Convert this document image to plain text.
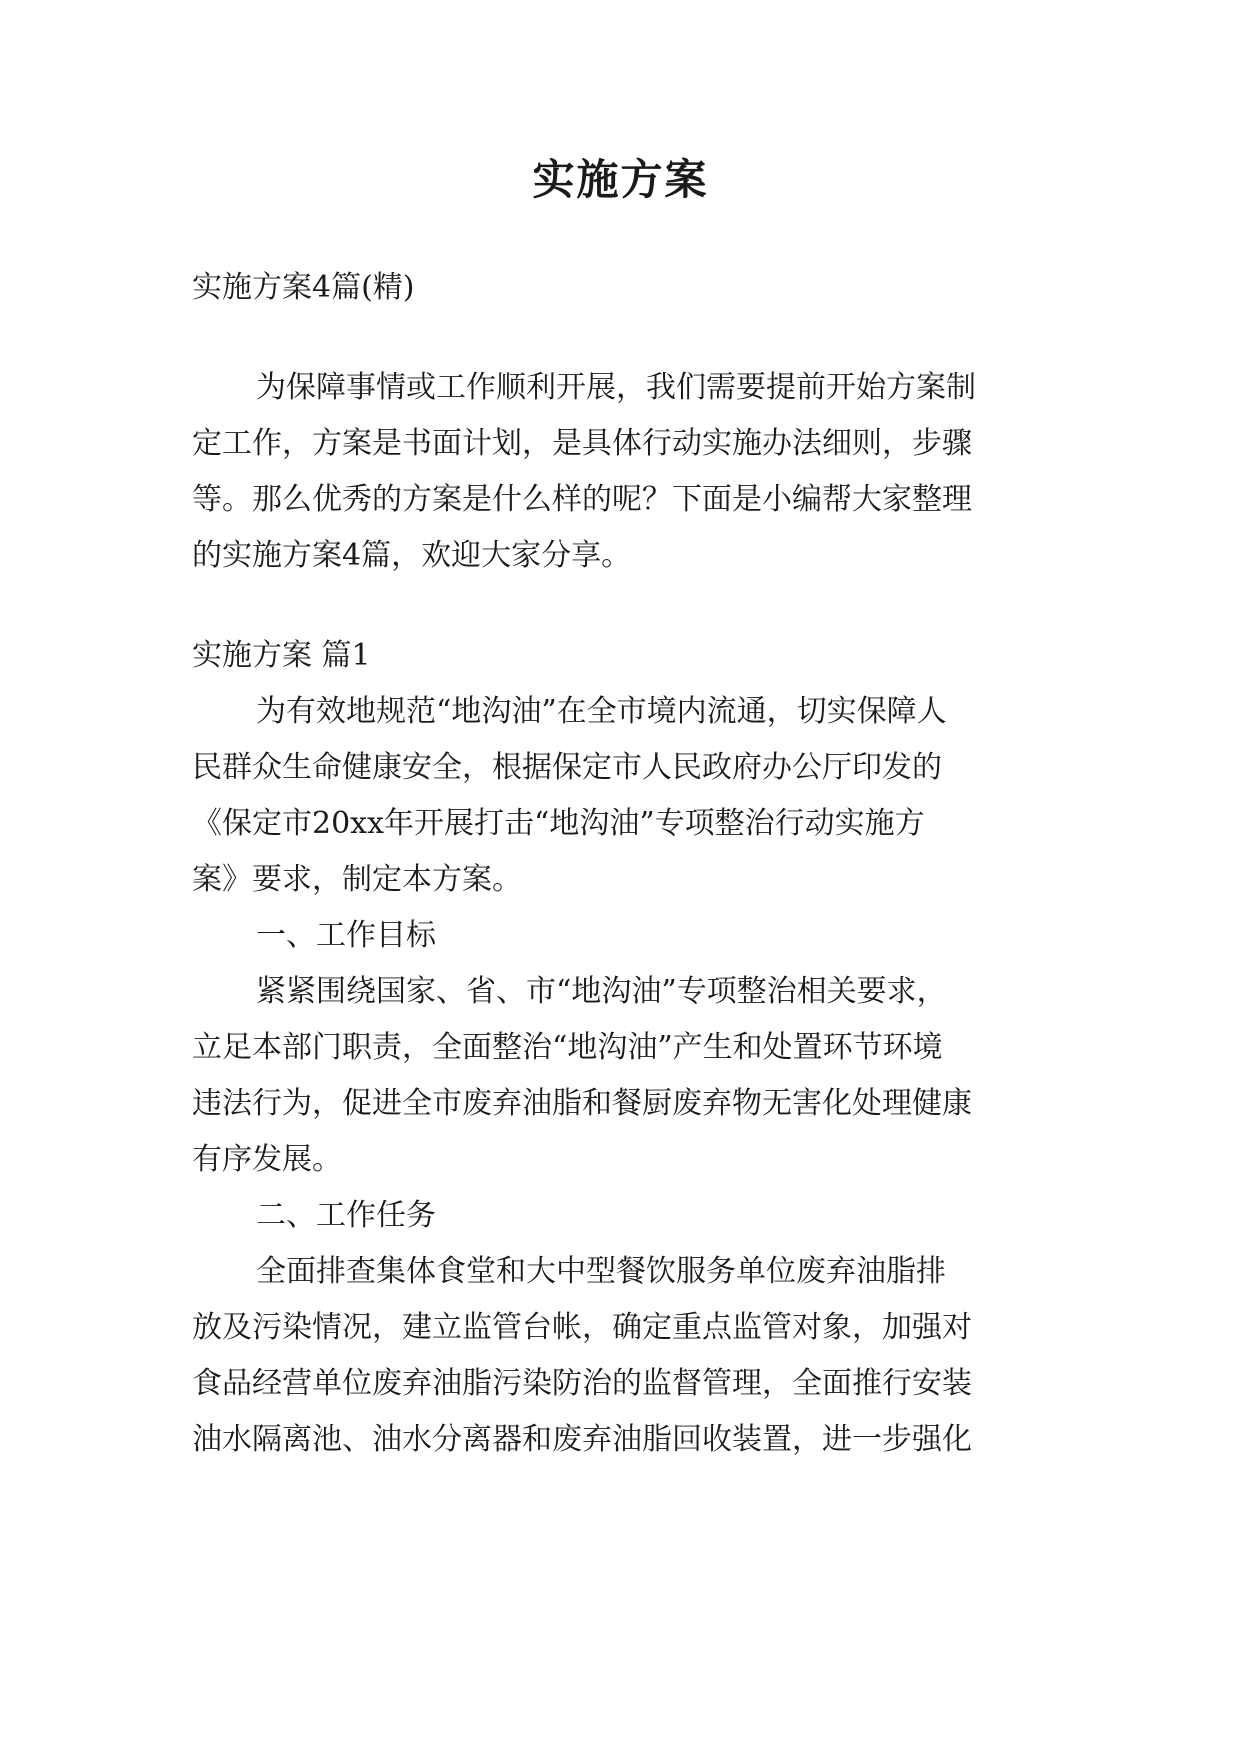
实施方案

实施方案4篇(精)

为保障事情或工作顺利开展，我们需要提前开始方案制

定工作，方案是书面计划，是具体行动实施办法细则，步骤

等。那么优秀的方案是什么样的呢？下面是小编帮大家整理

的实施方案4篇，欢迎大家分享。

实施方案 篇1

为有效地规范“地沟油”在全市境内流通，切实保障人

民群众生命健康安全，根据保定市人民政府办公厅印发的

《保定市20xx年开展打击“地沟油”专项整治行动实施方

案》要求，制定本方案。

一、工作目标

紧紧围绕国家、省、市“地沟油”专项整治相关要求，

立足本部门职责，全面整治“地沟油”产生和处置环节环境

违法行为，促进全市废弃油脂和餐厨废弃物无害化处理健康

有序发展。

二、工作任务

全面排查集体食堂和大中型餐饮服务单位废弃油脂排

放及污染情况，建立监管台帐，确定重点监管对象，加强对

食品经营单位废弃油脂污染防治的监督管理，全面推行安装

油水隔离池、油水分离器和废弃油脂回收装置，进一步强化
